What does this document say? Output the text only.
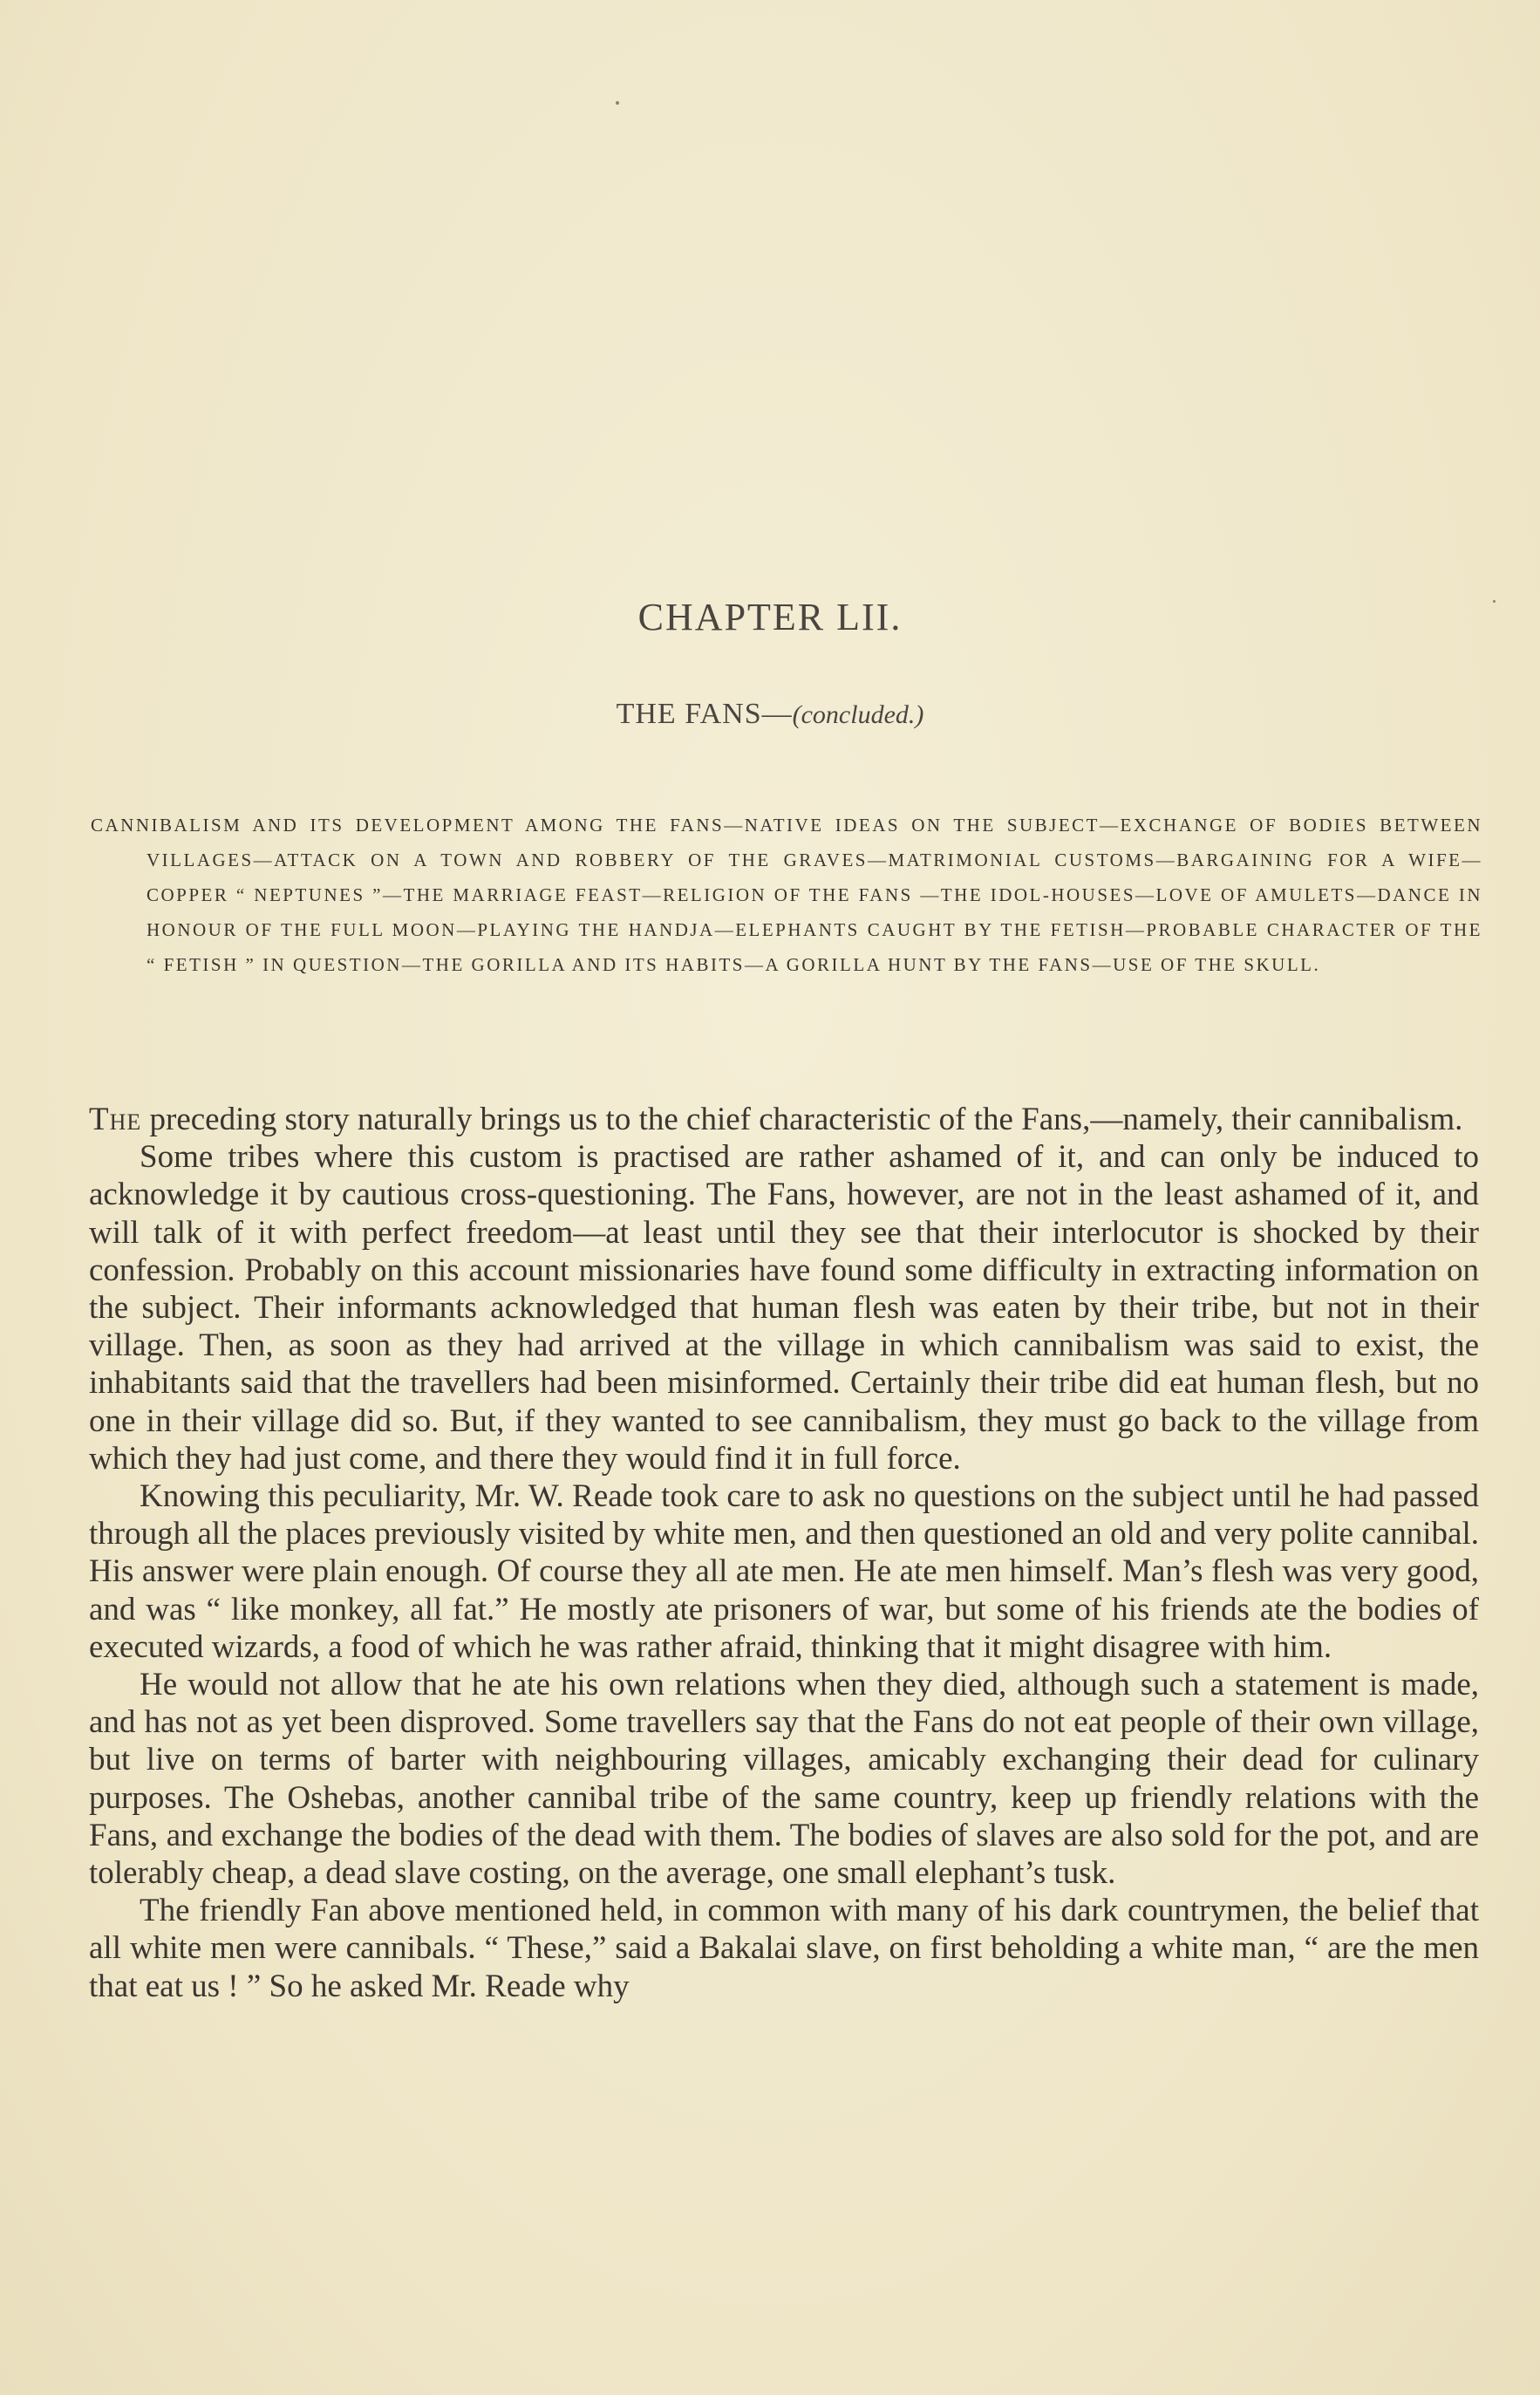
CHAPTER LII.
THE FANS—(concluded.)
CANNIBALISM AND ITS DEVELOPMENT AMONG THE FANS—NATIVE IDEAS ON THE SUBJECT—EXCHANGE OF BODIES BETWEEN VILLAGES—ATTACK ON A TOWN AND ROBBERY OF THE GRAVES—MATRIMONIAL CUSTOMS—BARGAINING FOR A WIFE—COPPER “ NEPTUNES ”—THE MARRIAGE FEAST—RELIGION OF THE FANS —THE IDOL-HOUSES—LOVE OF AMULETS—DANCE IN HONOUR OF THE FULL MOON—PLAYING THE HANDJA—ELEPHANTS CAUGHT BY THE FETISH—PROBABLE CHARACTER OF THE “ FETISH ” IN QUESTION—THE GORILLA AND ITS HABITS—A GORILLA HUNT BY THE FANS—USE OF THE SKULL.

The preceding story naturally brings us to the chief characteristic of the Fans,—namely, their cannibalism.

Some tribes where this custom is practised are rather ashamed of it, and can only be induced to acknowledge it by cautious cross-questioning. The Fans, however, are not in the least ashamed of it, and will talk of it with perfect freedom—at least until they see that their interlocutor is shocked by their confession. Probably on this account missionaries have found some difficulty in extracting information on the subject. Their informants acknowledged that human flesh was eaten by their tribe, but not in their village. Then, as soon as they had arrived at the village in which cannibalism was said to exist, the inhabitants said that the travellers had been misinformed. Certainly their tribe did eat human flesh, but no one in their village did so. But, if they wanted to see cannibalism, they must go back to the village from which they had just come, and there they would find it in full force.

Knowing this peculiarity, Mr. W. Reade took care to ask no questions on the subject until he had passed through all the places previously visited by white men, and then questioned an old and very polite cannibal. His answer were plain enough. Of course they all ate men. He ate men himself. Man’s flesh was very good, and was “ like monkey, all fat.” He mostly ate prisoners of war, but some of his friends ate the bodies of executed wizards, a food of which he was rather afraid, thinking that it might disagree with him.

He would not allow that he ate his own relations when they died, although such a statement is made, and has not as yet been disproved. Some travellers say that the Fans do not eat people of their own village, but live on terms of barter with neighbouring villages, amicably exchanging their dead for culinary purposes. The Oshebas, another cannibal tribe of the same country, keep up friendly relations with the Fans, and exchange the bodies of the dead with them. The bodies of slaves are also sold for the pot, and are tolerably cheap, a dead slave costing, on the average, one small elephant’s tusk.

The friendly Fan above mentioned held, in common with many of his dark countrymen, the belief that all white men were cannibals. “ These,” said a Bakalai slave, on first beholding a white man, “ are the men that eat us ! ” So he asked Mr. Reade why
